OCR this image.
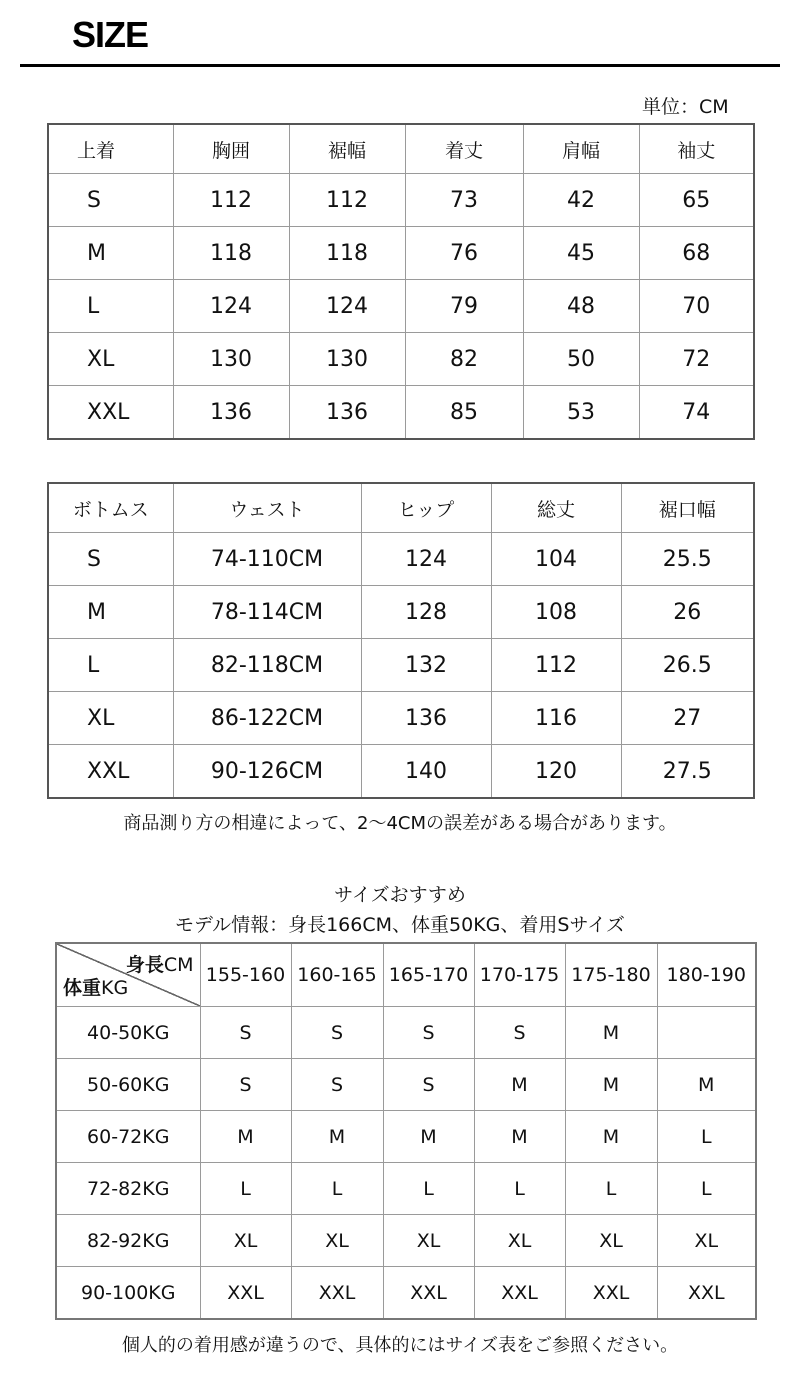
SIZE
単位：CM
上着	胸囲	裾幅	着丈	肩幅	袖丈
S	112	112	73	42	65
M	118	118	76	45	68
L	124	124	79	48	70
XL	130	130	82	50	72
XXL	136	136	85	53	74
ボトムス	ウェスト	ヒップ	総丈	裾口幅
S	74-110CM	124	104	25.5
M	78-114CM	128	108	26
L	82-118CM	132	112	26.5
XL	86-122CM	136	116	27
XXL	90-126CM	140	120	27.5
商品測り方の相違によって、2～4CMの誤差がある場合があります。
サイズおすすめ
モデル情報：身長166CM、体重50KG、着用Sサイズ
身長CM
体重KG	155-160	160-165	165-170	170-175	175-180	180-190
40-50KG	S	S	S	S	M	
50-60KG	S	S	S	M	M	M
60-72KG	M	M	M	M	M	L
72-82KG	L	L	L	L	L	L
82-92KG	XL	XL	XL	XL	XL	XL
90-100KG	XXL	XXL	XXL	XXL	XXL	XXL
個人的の着用感が違うので、具体的にはサイズ表をご参照ください。
